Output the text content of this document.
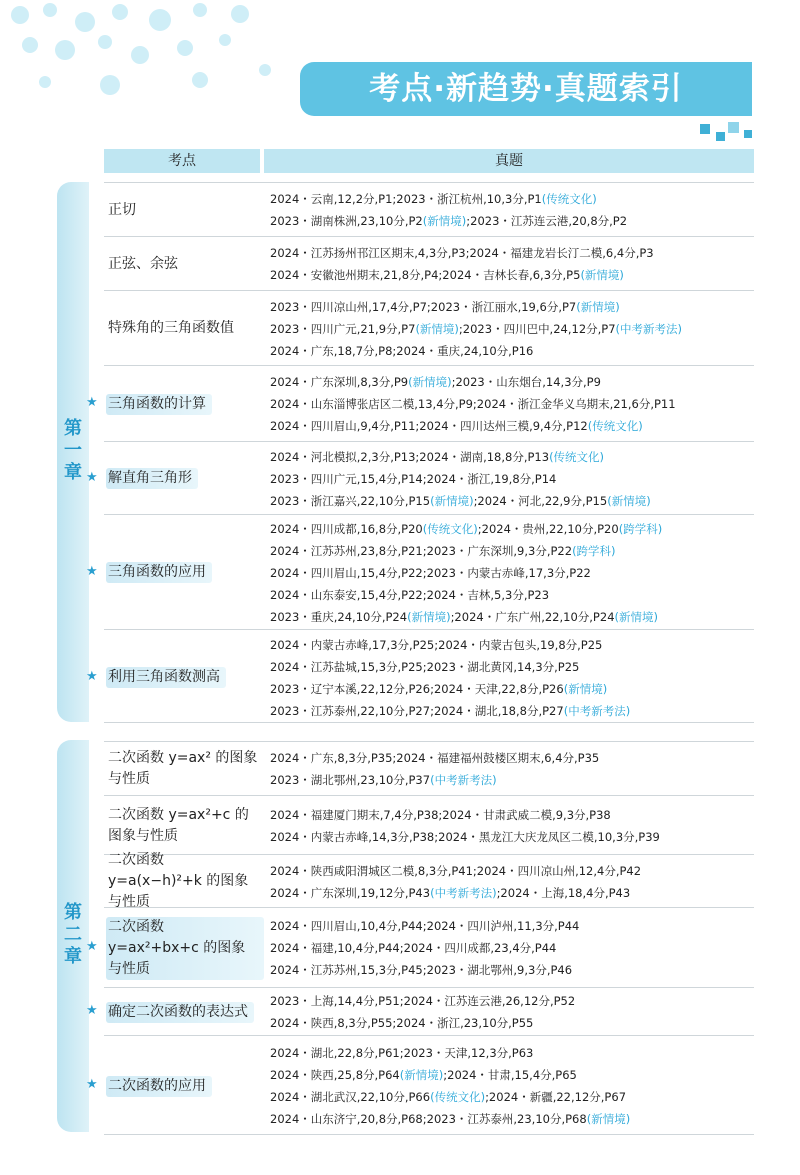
考点·新趋势·真题索引
考点	真题
第一章
第二章
正切
2024・云南,12,2分,P1;2023・浙江杭州,10,3分,P1(传统文化)
2023・湖南株洲,23,10分,P2(新情境);2023・江苏连云港,20,8分,P2
正弦、余弦
2024・江苏扬州邗江区期末,4,3分,P3;2024・福建龙岩长汀二模,6,4分,P3
2024・安徽池州期末,21,8分,P4;2024・吉林长春,6,3分,P5(新情境)
特殊角的三角函数值
2023・四川凉山州,17,4分,P7;2023・浙江丽水,19,6分,P7(新情境)
2023・四川广元,21,9分,P7(新情境);2023・四川巴中,24,12分,P7(中考新考法)
2024・广东,18,7分,P8;2024・重庆,24,10分,P16
三角函数的计算
★
2024・广东深圳,8,3分,P9(新情境);2023・山东烟台,14,3分,P9
2024・山东淄博张店区二模,13,4分,P9;2024・浙江金华义乌期末,21,6分,P11
2024・四川眉山,9,4分,P11;2024・四川达州三模,9,4分,P12(传统文化)
解直角三角形
★
2024・河北模拟,2,3分,P13;2024・湖南,18,8分,P13(传统文化)
2023・四川广元,15,4分,P14;2024・浙江,19,8分,P14
2023・浙江嘉兴,22,10分,P15(新情境);2024・河北,22,9分,P15(新情境)
三角函数的应用
★
2024・四川成都,16,8分,P20(传统文化);2024・贵州,22,10分,P20(跨学科)
2024・江苏苏州,23,8分,P21;2023・广东深圳,9,3分,P22(跨学科)
2024・四川眉山,15,4分,P22;2023・内蒙古赤峰,17,3分,P22
2024・山东泰安,15,4分,P22;2024・吉林,5,3分,P23
2023・重庆,24,10分,P24(新情境);2024・广东广州,22,10分,P24(新情境)
利用三角函数测高
★
2024・内蒙古赤峰,17,3分,P25;2024・内蒙古包头,19,8分,P25
2024・江苏盐城,15,3分,P25;2023・湖北黄冈,14,3分,P25
2023・辽宁本溪,22,12分,P26;2024・天津,22,8分,P26(新情境)
2023・江苏泰州,22,10分,P27;2024・湖北,18,8分,P27(中考新考法)
二次函数 y=ax² 的图象与性质
2024・广东,8,3分,P35;2024・福建福州鼓楼区期末,6,4分,P35
2023・湖北鄂州,23,10分,P37(中考新考法)
二次函数 y=ax²+c 的图象与性质
2024・福建厦门期末,7,4分,P38;2024・甘肃武威二模,9,3分,P38
2024・内蒙古赤峰,14,3分,P38;2024・黑龙江大庆龙凤区二模,10,3分,P39
二次函数 y=a(x−h)²+k 的图象与性质
2024・陕西咸阳渭城区二模,8,3分,P41;2024・四川凉山州,12,4分,P42
2024・广东深圳,19,12分,P43(中考新考法);2024・上海,18,4分,P43
二次函数 y=ax²+bx+c 的图象与性质
★
2024・四川眉山,10,4分,P44;2024・四川泸州,11,3分,P44
2024・福建,10,4分,P44;2024・四川成都,23,4分,P44
2024・江苏苏州,15,3分,P45;2023・湖北鄂州,9,3分,P46
确定二次函数的表达式
★
2023・上海,14,4分,P51;2024・江苏连云港,26,12分,P52
2024・陕西,8,3分,P55;2024・浙江,23,10分,P55
二次函数的应用
★
2024・湖北,22,8分,P61;2023・天津,12,3分,P63
2024・陕西,25,8分,P64(新情境);2024・甘肃,15,4分,P65
2024・湖北武汉,22,10分,P66(传统文化);2024・新疆,22,12分,P67
2024・山东济宁,20,8分,P68;2023・江苏泰州,23,10分,P68(新情境)
